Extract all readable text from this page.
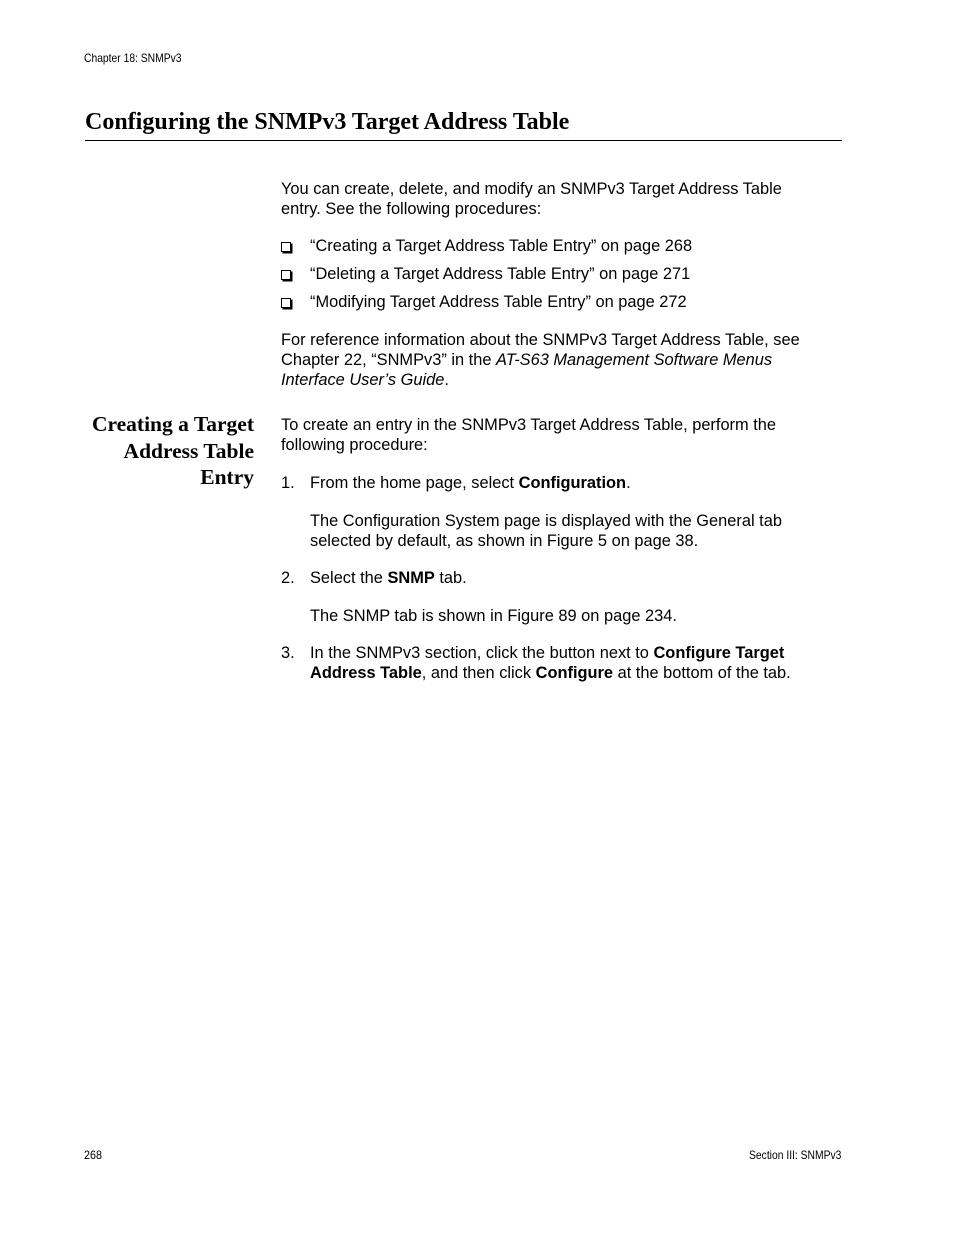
Chapter 18: SNMPv3
Configuring the SNMPv3 Target Address Table

You can create, delete, and modify an SNMPv3 Target Address Table
entry. See the following procedures:

“Creating a Target Address Table Entry” on page 268
“Deleting a Target Address Table Entry” on page 271
“Modifying Target Address Table Entry” on page 272

For reference information about the SNMPv3 Target Address Table, see
Chapter 22, “SNMPv3” in the AT-S63 Management Software Menus
Interface User’s Guide.

Creating a Target
Address Table
Entry

To create an entry in the SNMPv3 Target Address Table, perform the
following procedure:

1. From the home page, select Configuration.
The Configuration System page is displayed with the General tab
selected by default, as shown in Figure 5 on page 38.
2. Select the SNMP tab.
The SNMP tab is shown in Figure 89 on page 234.
3. In the SNMPv3 section, click the button next to Configure Target
Address Table, and then click Configure at the bottom of the tab.
268	Section III: SNMPv3
